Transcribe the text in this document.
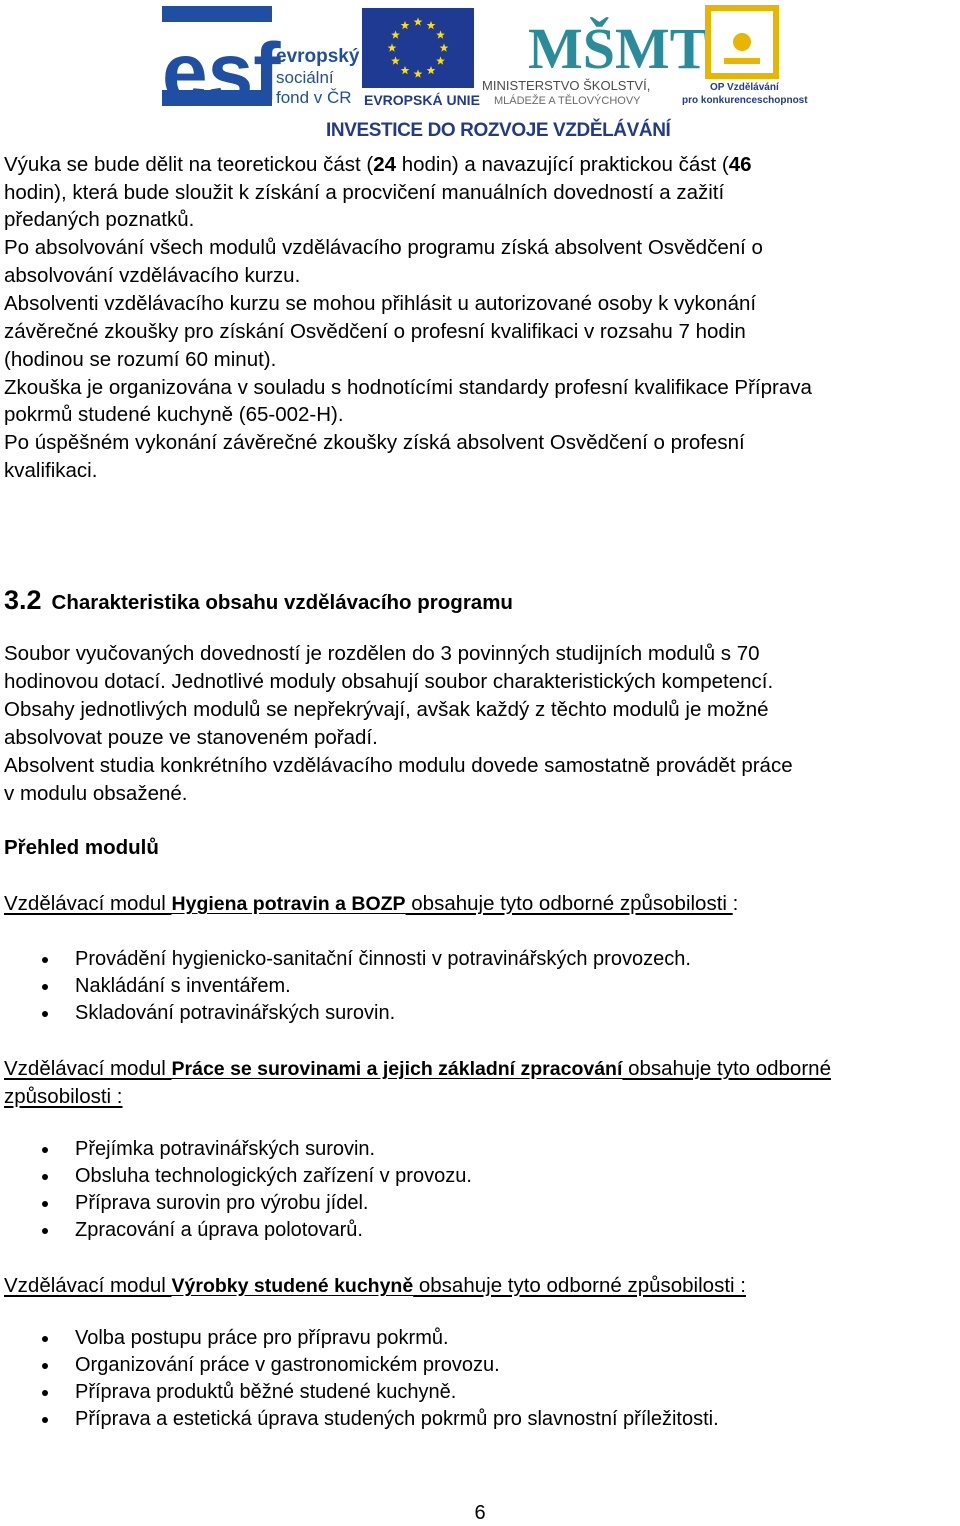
esf
evropský
sociální
fond v ČR EVROPSKÁ UNIE
MŠMT
MINISTERSTVO ŠKOLSTVÍ,
MLÁDEŽE A TĚLOVÝCHOVY
OP Vzdělávání
pro konkurenceschopnost
INVESTICE DO ROZVOJE VZDĚLÁVÁNÍ

Výuka se bude dělit na teoretickou část (24 hodin) a navazující praktickou část (46

hodin), která bude sloužit k získání a procvičení manuálních dovedností a zažití

předaných poznatků.

Po absolvování všech modulů vzdělávacího programu získá absolvent Osvědčení o

absolvování vzdělávacího kurzu.

Absolventi vzdělávacího kurzu se mohou přihlásit u autorizované osoby k vykonání

závěrečné zkoušky pro získání Osvědčení o profesní kvalifikaci v rozsahu 7 hodin

(hodinou se rozumí 60 minut).

Zkouška je organizována v souladu s hodnotícími standardy profesní kvalifikace Příprava

pokrmů studené kuchyně (65-002-H).

Po úspěšném vykonání závěrečné zkoušky získá absolvent Osvědčení o profesní

kvalifikaci.

3.2 Charakteristika obsahu vzdělávacího programu

Soubor vyučovaných dovedností je rozdělen do 3 povinných studijních modulů s 70

hodinovou dotací. Jednotlivé moduly obsahují soubor charakteristických kompetencí.

Obsahy jednotlivých modulů se nepřekrývají, avšak každý z těchto modulů je možné

absolvovat pouze ve stanoveném pořadí.

Absolvent studia konkrétního vzdělávacího modulu dovede samostatně provádět práce

v modulu obsažené.

Přehled modulů

Vzdělávací modul Hygiena potravin a BOZP obsahuje tyto odborné způsobilosti :

Provádění hygienicko-sanitační činnosti v potravinářských provozech.
Nakládání s inventářem.
Skladování potravinářských surovin.

Vzdělávací modul Práce se surovinami a jejich základní zpracování obsahuje tyto odborné

způsobilosti :

Přejímka potravinářských surovin.
Obsluha technologických zařízení v provozu.
Příprava surovin pro výrobu jídel.
Zpracování a úprava polotovarů.

Vzdělávací modul Výrobky studené kuchyně obsahuje tyto odborné způsobilosti :

Volba postupu práce pro přípravu pokrmů.
Organizování práce v gastronomickém provozu.
Příprava produktů běžné studené kuchyně.
Příprava a estetická úprava studených pokrmů pro slavnostní příležitosti.
6
